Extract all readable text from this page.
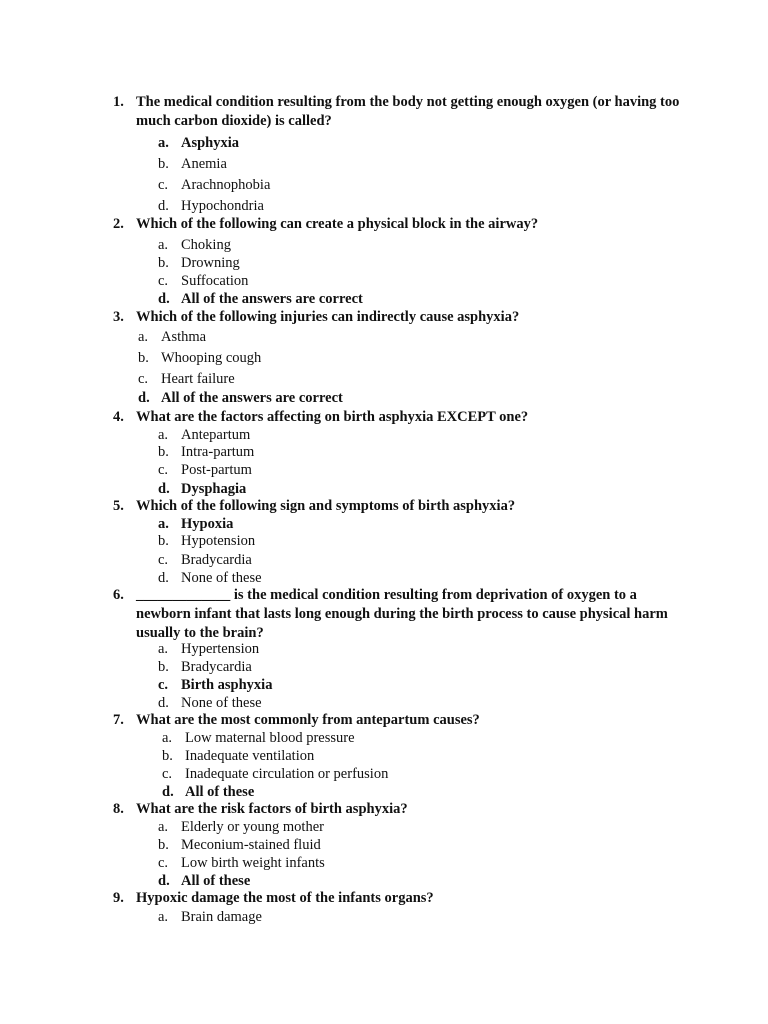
1. The medical condition resulting from the body not getting enough oxygen (or having too much carbon dioxide) is called?
a. Asphyxia
b. Anemia
c. Arachnophobia
d. Hypochondria
2. Which of the following can create a physical block in the airway?
a. Choking
b. Drowning
c. Suffocation
d. All of the answers are correct
3. Which of the following injuries can indirectly cause asphyxia?
a. Asthma
b. Whooping cough
c. Heart failure
d. All of the answers are correct
4. What are the factors affecting on birth asphyxia EXCEPT one?
a. Antepartum
b. Intra-partum
c. Post-partum
d. Dysphagia
5. Which of the following sign and symptoms of birth asphyxia?
a. Hypoxia
b. Hypotension
c. Bradycardia
d. None of these
6. _____________ is the medical condition resulting from deprivation of oxygen to a newborn infant that lasts long enough during the birth process to cause physical harm usually to the brain?
a. Hypertension
b. Bradycardia
c. Birth asphyxia
d. None of these
7. What are the most commonly from antepartum causes?
a. Low maternal blood pressure
b. Inadequate ventilation
c. Inadequate circulation or perfusion
d. All of these
8. What are the risk factors of birth asphyxia?
a. Elderly or young mother
b. Meconium-stained fluid
c. Low birth weight infants
d. All of these
9. Hypoxic damage the most of the infants organs?
a. Brain damage
